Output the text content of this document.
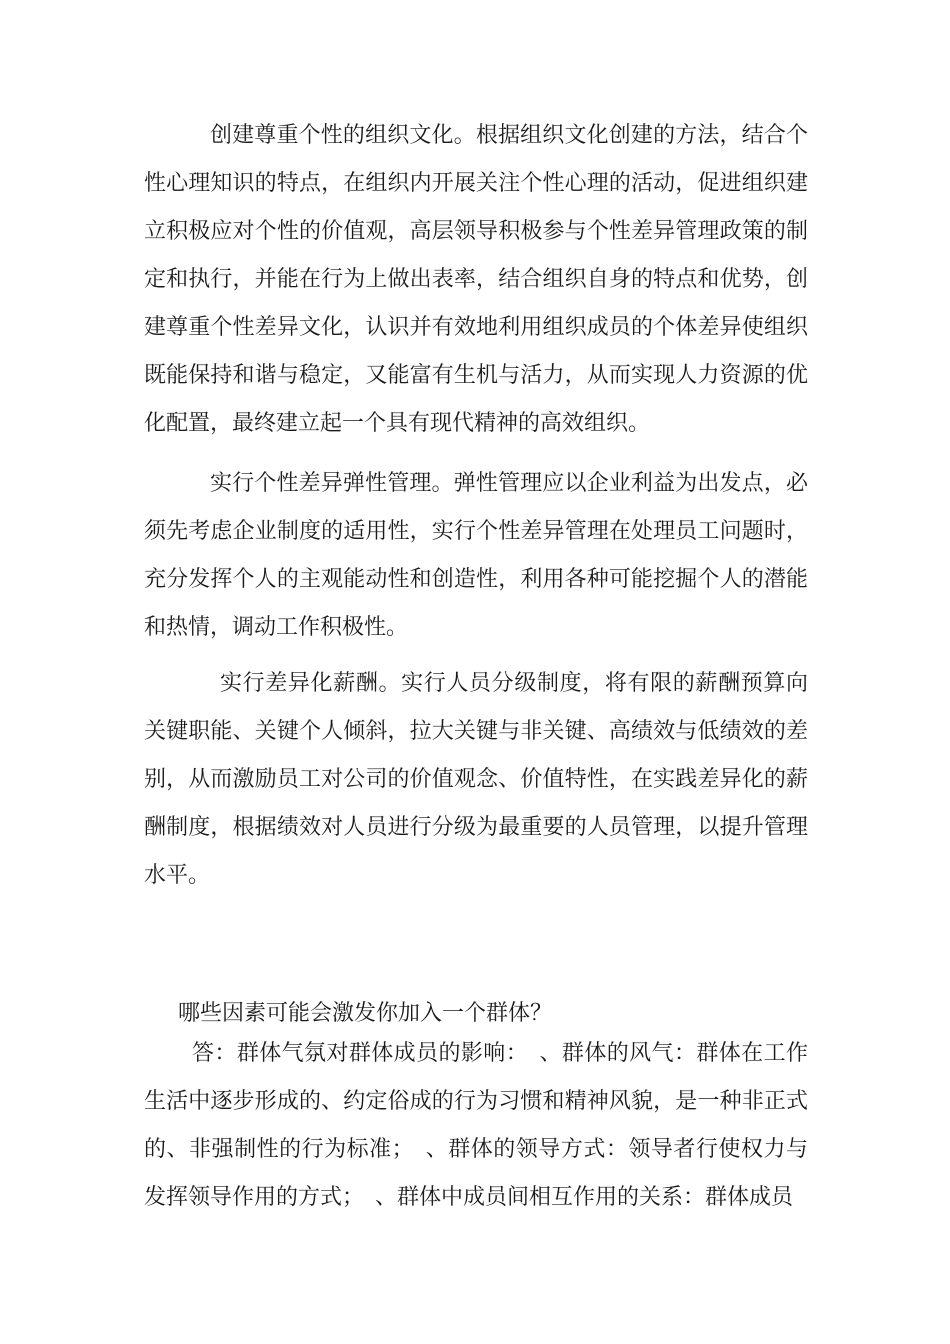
创建尊重个性的组织文化。根据组织文化创建的方法，结合个性心理知识的特点，在组织内开展关注个性心理的活动，促进组织建立积极应对个性的价值观，高层领导积极参与个性差异管理政策的制定和执行，并能在行为上做出表率，结合组织自身的特点和优势，创建尊重个性差异文化，认识并有效地利用组织成员的个体差异使组织既能保持和谐与稳定，又能富有生机与活力，从而实现人力资源的优化配置，最终建立起一个具有现代精神的高效组织。

实行个性差异弹性管理。弹性管理应以企业利益为出发点，必须先考虑企业制度的适用性，实行个性差异管理在处理员工问题时，充分发挥个人的主观能动性和创造性，利用各种可能挖掘个人的潜能和热情，调动工作积极性。

实行差异化薪酬。实行人员分级制度，将有限的薪酬预算向关键职能、关键个人倾斜，拉大关键与非关键、高绩效与低绩效的差别，从而激励员工对公司的价值观念、价值特性，在实践差异化的薪酬制度，根据绩效对人员进行分级为最重要的人员管理，以提升管理水平。

哪些因素可能会激发你加入一个群体？

答：群体气氛对群体成员的影响：　、群体的风气：群体在工作生活中逐步形成的、约定俗成的行为习惯和精神风貌，是一种非正式的、非强制性的行为标准；　、群体的领导方式：领导者行使权力与发挥领导作用的方式；　、群体中成员间相互作用的关系：群体成员
